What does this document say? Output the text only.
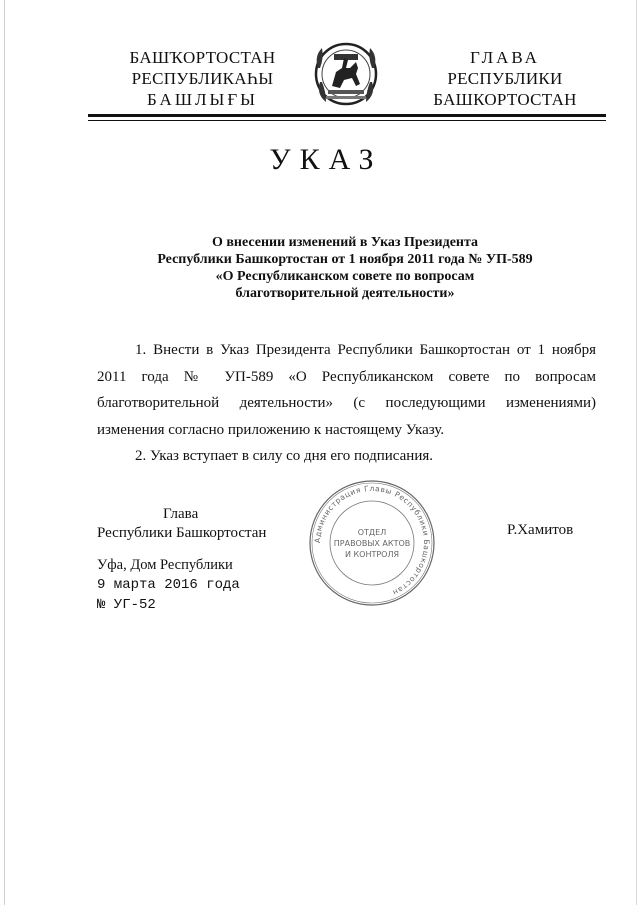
БАШҠОРТОСТАН
РЕСПУБЛИКАҺЫ
БАШЛЫҒЫ
ГЛАВА
РЕСПУБЛИКИ
БАШКОРТОСТАН
УКАЗ
О внесении изменений в Указ Президента
Республики Башкортостан от 1 ноября 2011 года № УП-589
«О Республиканском совете по вопросам
благотворительной деятельности»

1. Внести в Указ Президента Республики Башкортостан от 1 ноября 2011 года № УП-589 «О Республиканском совете по вопросам благотворительной деятельности» (с последующими изменениями) изменения согласно приложению к настоящему Указу.

2. Указ вступает в силу со дня его подписания.

Глава
Республики Башкортостан	Администрация Главы Республики Башкортостан
ОТДЕЛ
ПРАВОВЫХ АКТОВ
И КОНТРОЛЯ
Р.Хамитов
Уфа, Дом Республики
9 марта 2016 года
№ УГ-52
